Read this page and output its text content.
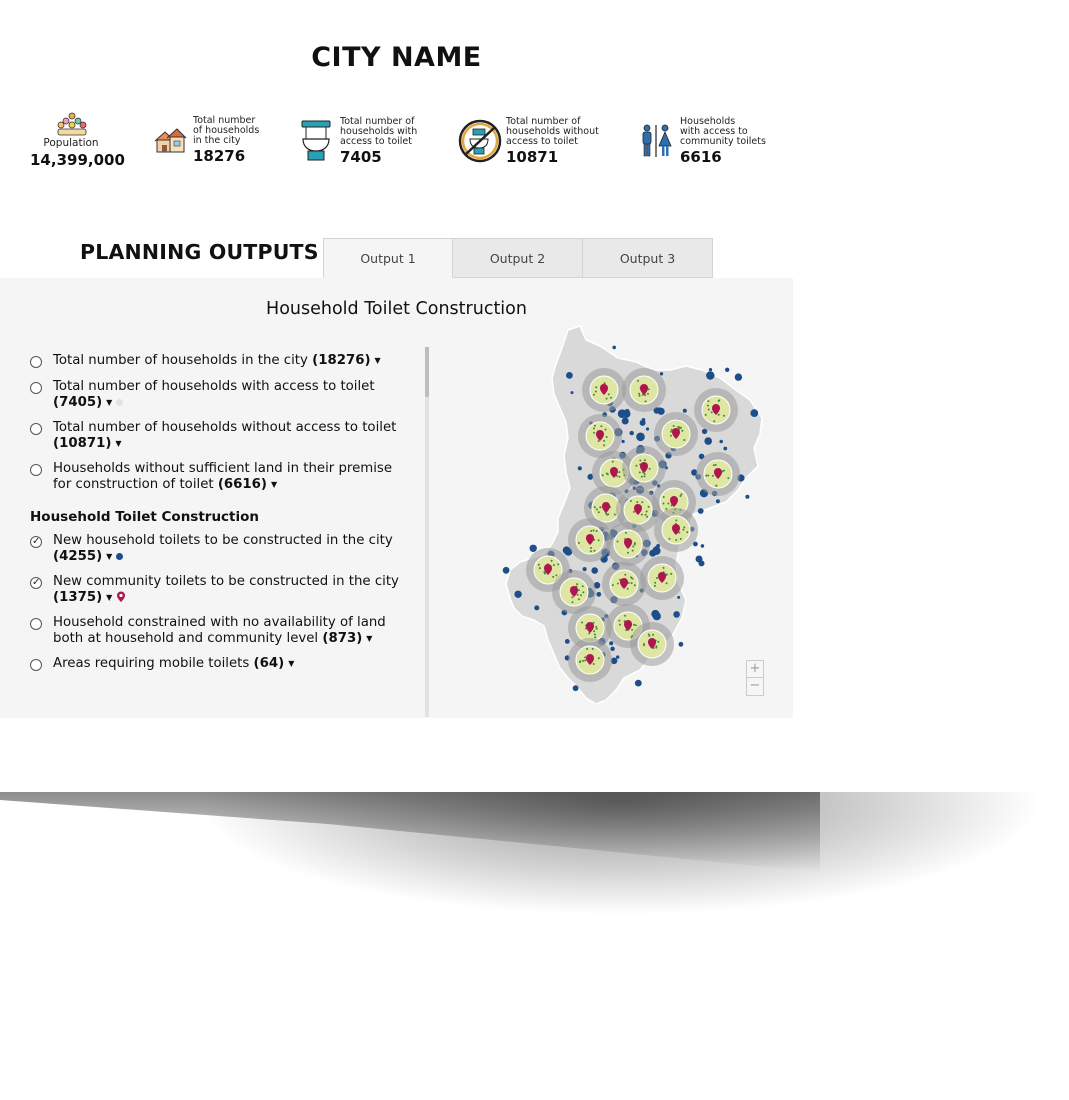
CITY NAME
Population
14,399,000
Total number
of households
in the city
18276
Total number of
households with
access to toilet
7405
Total number of
households without
access to toilet
10871
Households
with access to
community toilets
6616
PLANNING OUTPUTS	Output 1	Output 2	Output 3
Household Toilet Construction
Total number of households in the city (18276) ▼
Total number of households with access to toilet (7405) ▼
Total number of households without access to toilet (10871) ▼
Households without sufficient land in their premise for construction of toilet (6616) ▼
Household Toilet Construction
✓
New household toilets to be constructed in the city (4255) ▼
✓
New community toilets to be constructed in the city (1375) ▼
Household constrained with no availability of land both at household and community level (873) ▼
Areas requiring mobile toilets (64) ▼	+
−
